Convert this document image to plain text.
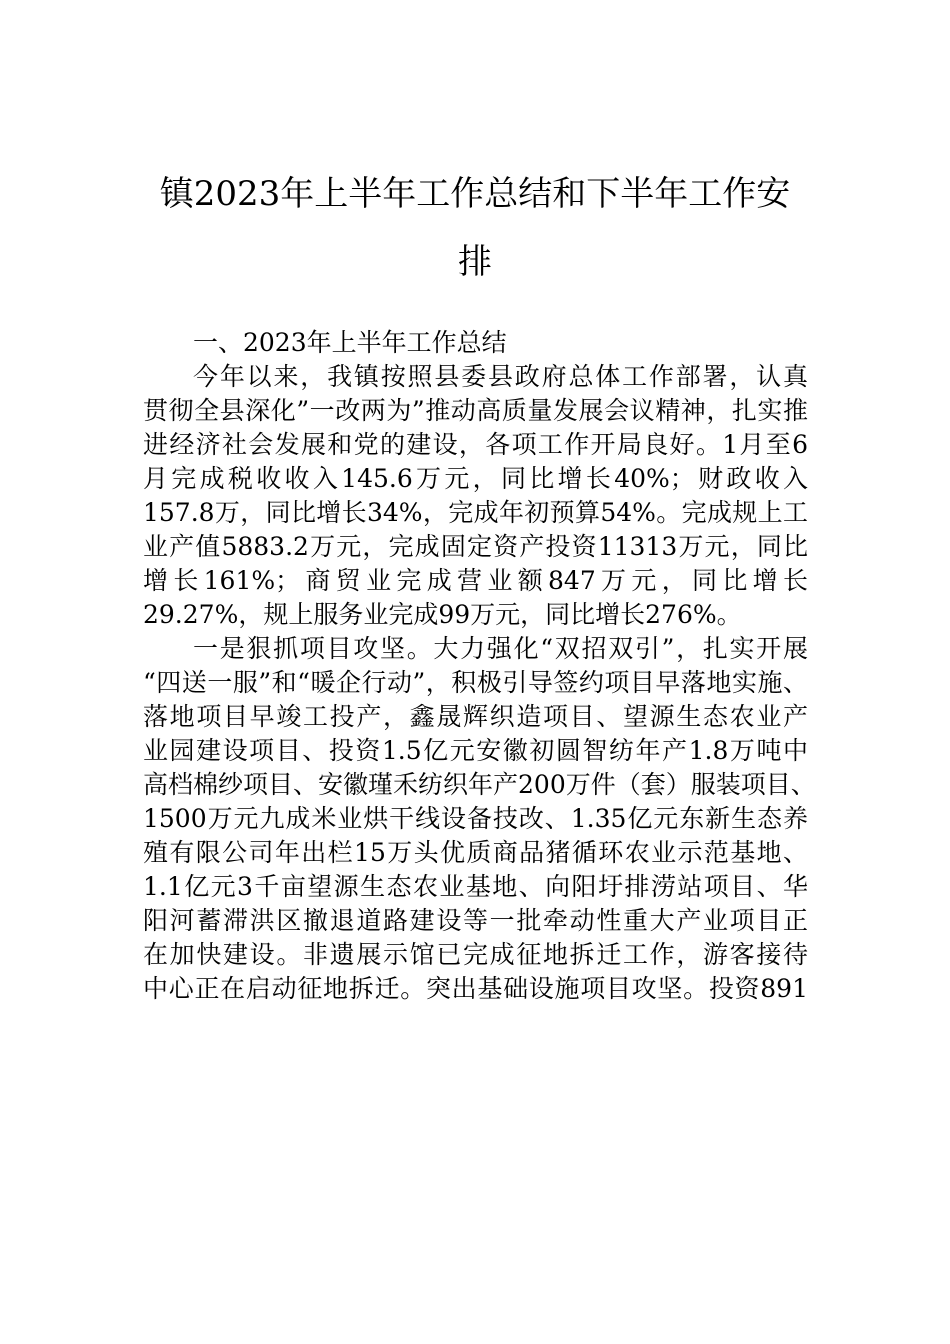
镇2023年上半年工作总结和下半年工作安
排
一、2023年上半年工作总结
今年以来，我镇按照县委县政府总体工作部署，认真
贯彻全县深化”一改两为”推动高质量发展会议精神，扎实推
进经济社会发展和党的建设，各项工作开局良好。1月至6
月完成税收收入145.6万元，同比增长40%；财政收入
157.8万，同比增长34%，完成年初预算54%。完成规上工
业产值5883.2万元，完成固定资产投资11313万元，同比
增长161%；商贸业完成营业额847万元，同比增长
29.27%，规上服务业完成99万元，同比增长276%。
一是狠抓项目攻坚。大力强化“双招双引”，扎实开展
“四送一服”和“暖企行动”，积极引导签约项目早落地实施、
落地项目早竣工投产，鑫晟辉织造项目、望源生态农业产
业园建设项目、投资1.5亿元安徽初圆智纺年产1.8万吨中
高档棉纱项目、安徽瑾禾纺织年产200万件（套）服装项目、
1500万元九成米业烘干线设备技改、1.35亿元东新生态养
殖有限公司年出栏15万头优质商品猪循环农业示范基地、
1.1亿元3千亩望源生态农业基地、向阳圩排涝站项目、华
阳河蓄滞洪区撤退道路建设等一批牵动性重大产业项目正
在加快建设。非遗展示馆已完成征地拆迁工作，游客接待
中心正在启动征地拆迁。突出基础设施项目攻坚。投资891
